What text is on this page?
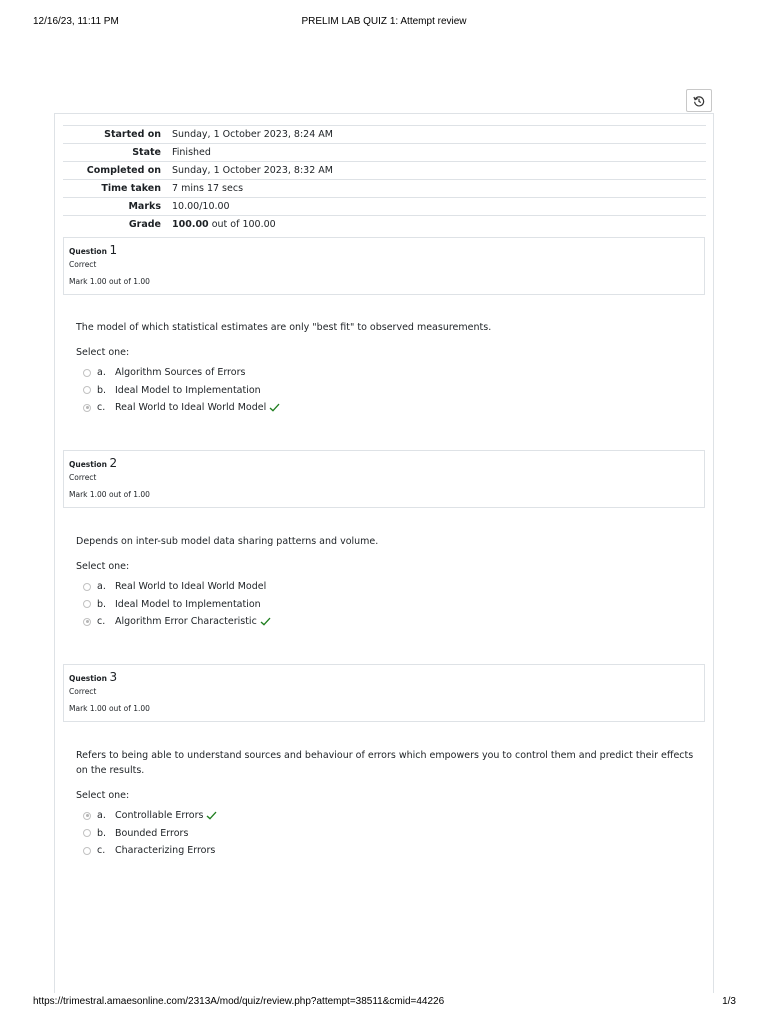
12/16/23, 11:11 PM	PRELIM LAB QUIZ 1: Attempt review
Started on	Sunday, 1 October 2023, 8:24 AM
State	Finished
Completed on	Sunday, 1 October 2023, 8:32 AM
Time taken	7 mins 17 secs
Marks	10.00/10.00
Grade	100.00 out of 100.00
Question 1
Correct
Mark 1.00 out of 1.00
The model of which statistical estimates are only "best fit" to observed measurements.
Select one:
a. Algorithm Sources of Errors
b. Ideal Model to Implementation
c.	Real World to Ideal World Model
Question 2
Correct
Mark 1.00 out of 1.00
Depends on inter-sub model data sharing patterns and volume.
Select one:
a. Real World to Ideal World Model
b. Ideal Model to Implementation
c.	Algorithm Error Characteristic
Question 3
Correct
Mark 1.00 out of 1.00
Refers to being able to understand sources and behaviour of errors which empowers you to control them and predict their effects on the results.
Select one:
a. Controllable Errors
b. Bounded Errors
c.	Characterizing Errors
https://trimestral.amaesonline.com/2313A/mod/quiz/review.php?attempt=38511&cmid=44226	1/3
